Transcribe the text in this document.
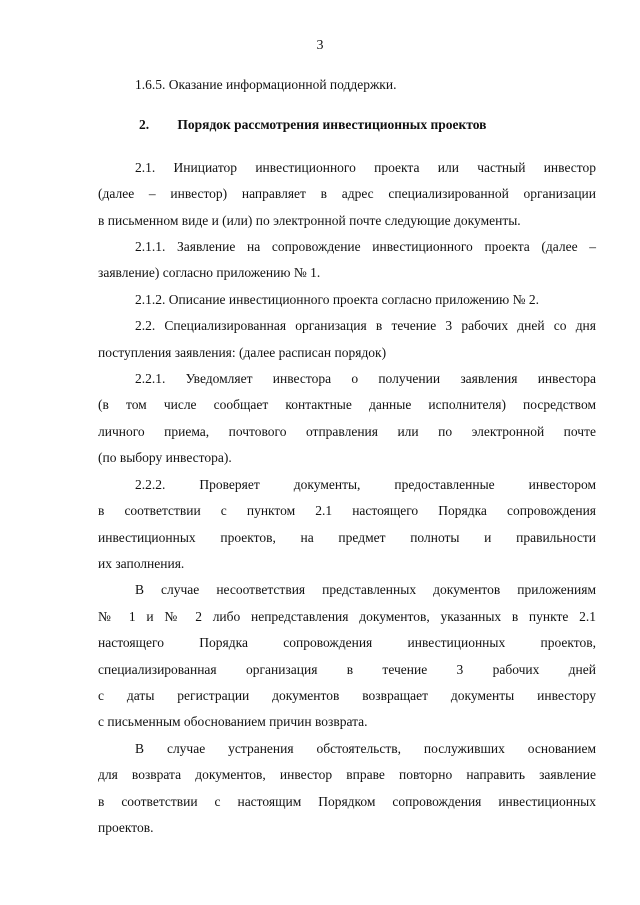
3
1.6.5. Оказание информационной поддержки.
2. Порядок рассмотрения инвестиционных проектов
2.1. Инициатор инвестиционного проекта или частный инвестор
(далее – инвестор) направляет в адрес специализированной организации
в письменном виде и (или) по электронной почте следующие документы.
2.1.1. Заявление на сопровождение инвестиционного проекта (далее –
заявление) согласно приложению № 1.
2.1.2. Описание инвестиционного проекта согласно приложению № 2.
2.2. Специализированная организация в течение 3 рабочих дней со дня
поступления заявления: (далее расписан порядок)
2.2.1. Уведомляет инвестора о получении заявления инвестора
(в том числе сообщает контактные данные исполнителя) посредством
личного приема, почтового отправления или по электронной почте
(по выбору инвестора).
2.2.2. Проверяет документы, предоставленные инвестором
в соответствии с пунктом 2.1 настоящего Порядка сопровождения
инвестиционных проектов, на предмет полноты и правильности
их заполнения.
В случае несоответствия представленных документов приложениям
№ 1 и № 2 либо непредставления документов, указанных в пункте 2.1
настоящего Порядка сопровождения инвестиционных проектов,
специализированная организация в течение 3 рабочих дней
с даты регистрации документов возвращает документы инвестору
с письменным обоснованием причин возврата.
В случае устранения обстоятельств, послуживших основанием
для возврата документов, инвестор вправе повторно направить заявление
в соответствии с настоящим Порядком сопровождения инвестиционных
проектов.
